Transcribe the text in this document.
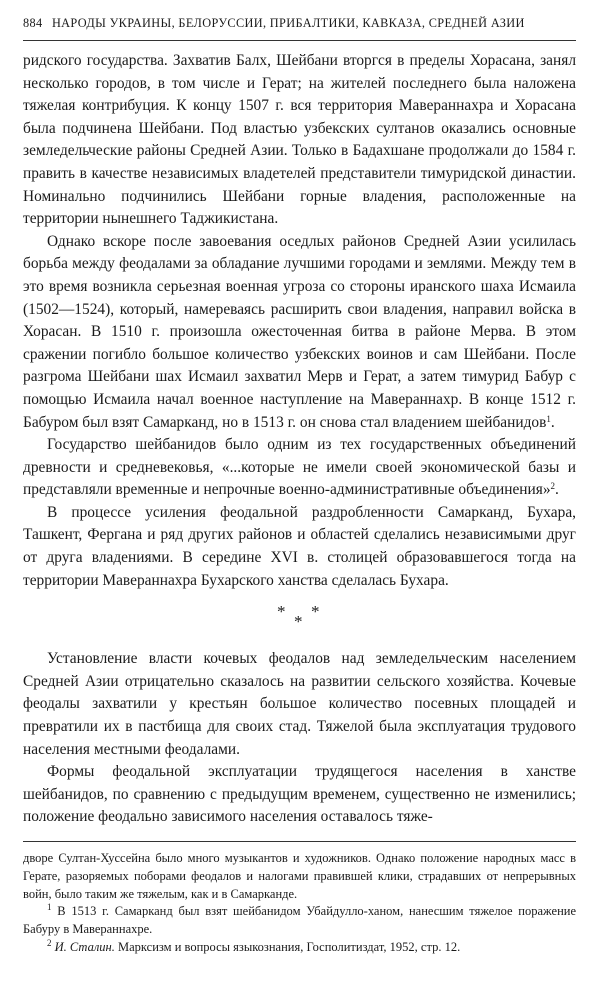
884 НАРОДЫ УКРАИНЫ, БЕЛОРУССИИ, ПРИБАЛТИКИ, КАВКАЗА, СРЕДНЕЙ АЗИИ

ридского государства. Захватив Балх, Шейбани вторгся в пределы Хорасана, занял несколько городов, в том числе и Герат; на жителей последнего была наложена тяжелая контрибуция. К концу 1507 г. вся территория Мавераннахра и Хорасана была подчинена Шейбани. Под властью узбекских султанов оказались основные земледельческие районы Средней Азии. Только в Бадахшане продолжали до 1584 г. править в качестве независимых владетелей представители тимуридской династии. Номинально подчинились Шейбани горные владения, расположенные на территории нынешнего Таджикистана.

Однако вскоре после завоевания оседлых районов Средней Азии усилилась борьба между феодалами за обладание лучшими городами и землями. Между тем в это время возникла серьезная военная угроза со стороны иранского шаха Исмаила (1502—1524), который, намереваясь расширить свои владения, направил войска в Хорасан. В 1510 г. произошла ожесточенная битва в районе Мерва. В этом сражении погибло большое количество узбекских воинов и сам Шейбани. После разгрома Шейбани шах Исмаил захватил Мерв и Герат, а затем тимурид Бабур с помощью Исмаила начал военное наступление на Мавераннахр. В конце 1512 г. Бабуром был взят Самарканд, но в 1513 г. он снова стал владением шейбанидов$^1$.

Государство шейбанидов было одним из тех государственных объединений древности и средневековья, «...которые не имели своей экономической базы и представляли временные и непрочные военно-административные объединения»$^2$.

В процессе усиления феодальной раздробленности Самарканд, Бухара, Ташкент, Фергана и ряд других районов и областей сделались независимыми друг от друга владениями. В середине XVI в. столицей образовавшегося тогда на территории Мавераннахра Бухарского ханства сделалась Бухара.

*
*
*

Установление власти кочевых феодалов над земледельческим населением Средней Азии отрицательно сказалось на развитии сельского хозяйства. Кочевые феодалы захватили у крестьян большое количество посевных площадей и превратили их в пастбища для своих стад. Тяжелой была эксплуатация трудового населения местными феодалами.

Формы феодальной эксплуатации трудящегося населения в ханстве шейбанидов, по сравнению с предыдущим временем, существенно не изменились; положение феодально зависимого населения оставалось тяже-

дворе Султан-Хуссейна было много музыкантов и художников. Однако положение народных масс в Герате, разоряемых поборами феодалов и налогами правившей клики, страдавших от непрерывных войн, было таким же тяжелым, как и в Самарканде.

$^1$ В 1513 г. Самарканд был взят шейбанидом Убайдулло-ханом, нанесшим тяжелое поражение Бабуру в Мавераннахре.

$^2$ И. Сталин. Марксизм и вопросы языкознания, Госполитиздат, 1952, стр. 12.
